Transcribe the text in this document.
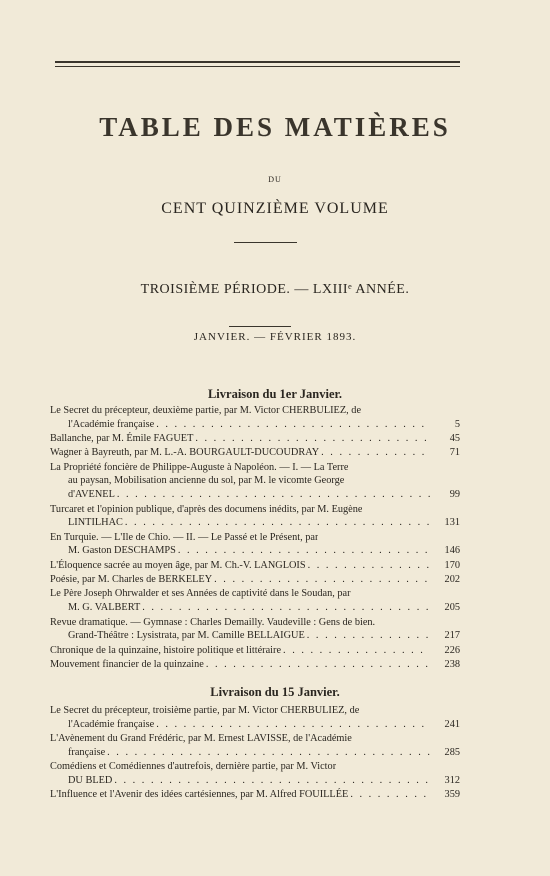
TABLE DES MATIÈRES
DU
CENT QUINZIÈME VOLUME
TROISIÈME PÉRIODE. — LXIIIᵉ ANNÉE.
JANVIER. — FÉVRIER 1893.
Livraison du 1er Janvier.
Le Secret du précepteur, deuxième partie, par M. Victor CHERBULIEZ, de
l'Académie française . . .	5
Ballanche, par M. Émile FAGUET . . .	45
Wagner à Bayreuth, par M. L.-A. BOURGAULT-DUCOUDRAY . . .	71
La Propriété foncière de Philippe-Auguste à Napoléon. — I. — La Terre
au paysan, Mobilisation ancienne du sol, par M. le vicomte George
d'AVENEL . . .	99
Turcaret et l'opinion publique, d'après des documens inédits, par M. Eugène
LINTILHAC . . .	131
En Turquie. — L'Ile de Chio. — II. — Le Passé et le Présent, par
M. Gaston DESCHAMPS . . .	146
L'Éloquence sacrée au moyen âge, par M. Ch.-V. LANGLOIS . . .	170
Poésie, par M. Charles de BERKELEY . . .	202
Le Père Joseph Ohrwalder et ses Années de captivité dans le Soudan, par
M. G. VALBERT . . .	205
Revue dramatique. — Gymnase : Charles Demailly. Vaudeville : Gens de bien.
Grand-Théâtre : Lysistrata, par M. Camille BELLAIGUE . . .	217
Chronique de la quinzaine, histoire politique et littéraire . . .	226
Mouvement financier de la quinzaine . . .	238
Livraison du 15 Janvier.
Le Secret du précepteur, troisième partie, par M. Victor CHERBULIEZ, de
l'Académie française . . .	241
L'Avènement du Grand Frédéric, par M. Ernest LAVISSE, de l'Académie
française . . .	285
Comédiens et Comédiennes d'autrefois, dernière partie, par M. Victor
DU BLED . . .	312
L'Influence et l'Avenir des idées cartésiennes, par M. Alfred FOUILLÉE . . .	359
